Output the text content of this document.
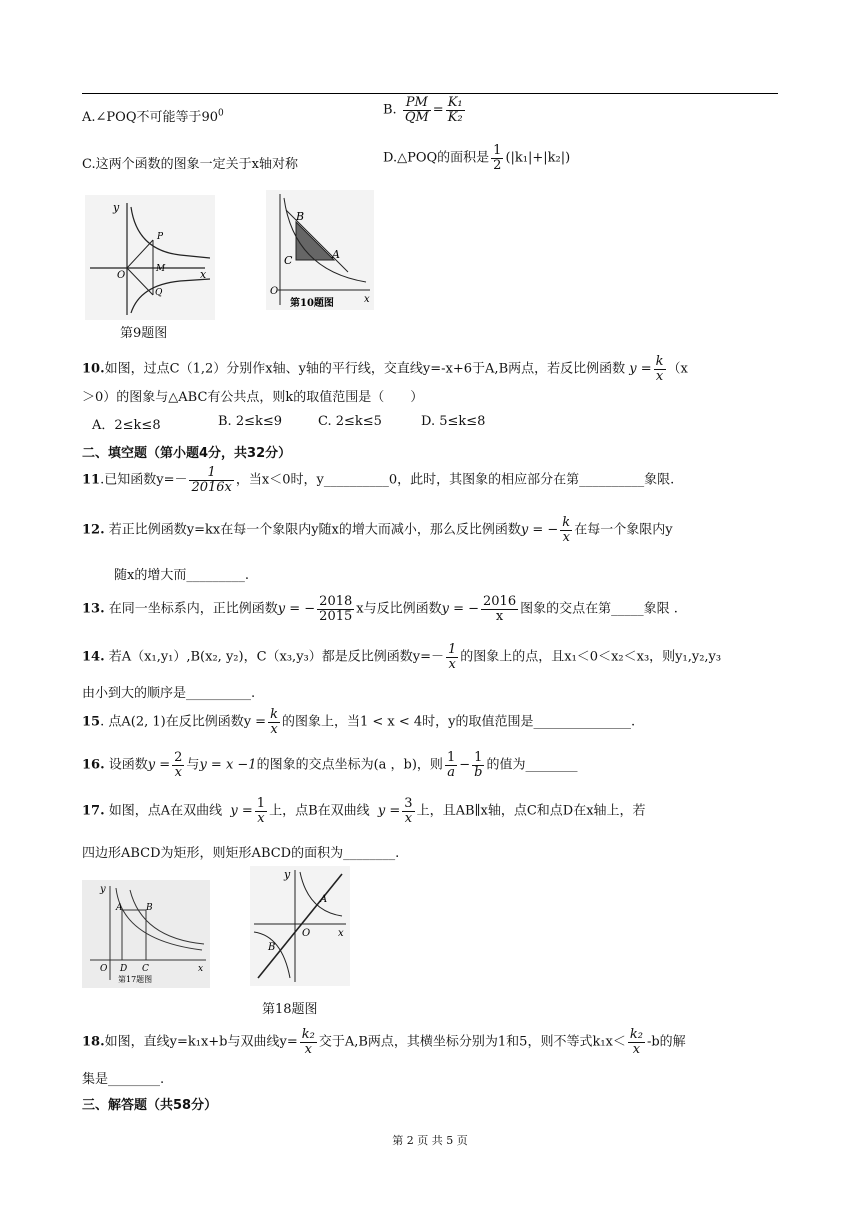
A.∠POQ不可能等于$90^0$	B. $\frac{PM}{QM} = \frac{\text{K₁}}{\text{K₂}}$
C.这两个函数的图象一定关于x轴对称	D.△POQ的面积是 $\frac{1}{2} (|k_1|+|k_2|)$
y
x
O
P
M
Q
第9题图
B
A
C
O
x
第10题图
10.如图，过点C（1,2）分别作x轴、y轴的平行线，交直线y=-x+6于A,B两点，若反比例函数 $y = \frac{k}{x} (x$
＞0）的图象与△ABC有公共点，则k的取值范围是（　　）
A．2≤k≤8	B. 2≤k≤9	C. 2≤k≤5	D. 5≤k≤8
二、填空题（第小题4分，共32分）
11.已知函数$y=- \frac{1}{2016x}$ ，当x＜0时，y__________0，此时，其图象的相应部分在第__________象限.
12. 若正比例函数y=kx在每一个象限内y随x的增大而减小，那么反比例函数y = − $\frac{k}{x}$ 在每一个象限内y
随x的增大而_________.
13. 在同一坐标系内，正比例函数y = − $\frac{2018}{2015}$ x与反比例函数y = − $\frac{2016}{x}$ 图象的交点在第_____象限 .
14. 若A（x₁,y₁）,B(x₂, y₂)，C（x₃,y₃）都是反比例函数$y=- \frac{1}{x}$ 的图象上的点，且x₁＜0＜x₂＜x₃，则y₁,y₂,y₃
由小到大的顺序是__________.
15. 点A(2, 1)在反比例函数$y = \frac{k}{x}$ 的图象上，当1 < x < 4时，y的取值范围是_______________.
16. 设函数$y = \frac{2}{x}$ 与y = x −1的图象的交点坐标为(a ，b)，则 $\frac{1}{a} - \frac{1}{b}$ 的值为________
17. 如图，点A在双曲线 $y = \frac{1}{x}$ 上，点B在双曲线 $y = \frac{3}{x}$ 上，且AB∥x轴，点C和点D在x轴上，若
四边形ABCD为矩形，则矩形ABCD的面积为________.
y
A	B
O D C	x
第17题图
y
A
B
O	x
第18题图
18.如图，直线y=k₁x+b与双曲线$y= \frac{\text{k₂}}{x}$ 交于A,B两点，其横坐标分别为1和5，则不等式$k_1x< \frac{\text{k₂}}{x} -b$的解
集是________.
三、解答题（共58分）
第 2 页 共 5 页
